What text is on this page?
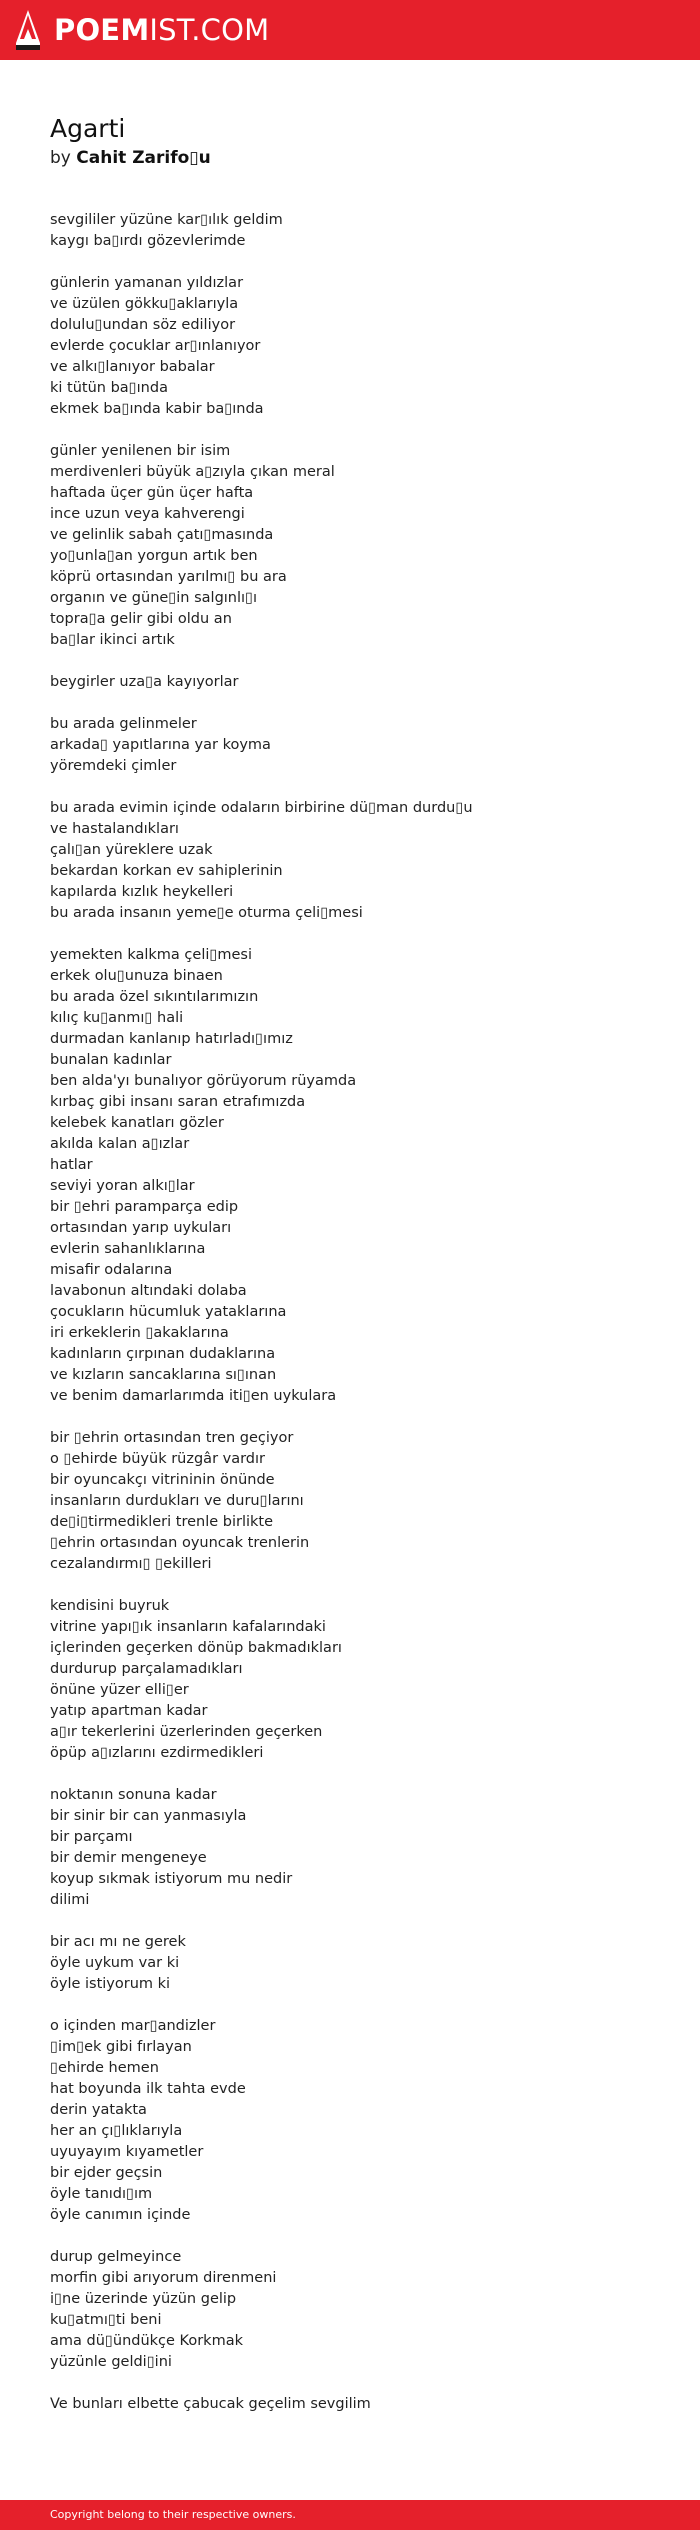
POEMIST.COM
Agarti
by Cahit Zarifo▯u
sevgililer yüzüne kar▯ılık geldim
kaygı ba▯ırdı gözevlerimde
günlerin yamanan yıldızlar
ve üzülen gökku▯aklarıyla
dolulu▯undan söz ediliyor
evlerde çocuklar ar▯ınlanıyor
ve alkı▯lanıyor babalar
ki tütün ba▯ında
ekmek ba▯ında kabir ba▯ında
günler yenilenen bir isim
merdivenleri büyük a▯zıyla çıkan meral
haftada üçer gün üçer hafta
ince uzun veya kahverengi
ve gelinlik sabah çatı▯masında
yo▯unla▯an yorgun artık ben
köprü ortasından yarılmı▯ bu ara
organın ve güne▯in salgınlı▯ı
topra▯a gelir gibi oldu an
ba▯lar ikinci artık
beygirler uza▯a kayıyorlar
bu arada gelinmeler
arkada▯ yapıtlarına yar koyma
yöremdeki çimler
bu arada evimin içinde odaların birbirine dü▯man durdu▯u
ve hastalandıkları
çalı▯an yüreklere uzak
bekardan korkan ev sahiplerinin
kapılarda kızlık heykelleri
bu arada insanın yeme▯e oturma çeli▯mesi
yemekten kalkma çeli▯mesi
erkek olu▯unuza binaen
bu arada özel sıkıntılarımızın
kılıç ku▯anmı▯ hali
durmadan kanlanıp hatırladı▯ımız
bunalan kadınlar
ben alda'yı bunalıyor görüyorum rüyamda
kırbaç gibi insanı saran etrafımızda
kelebek kanatları gözler
akılda kalan a▯ızlar
hatlar
seviyi yoran alkı▯lar
bir ▯ehri paramparça edip
ortasından yarıp uykuları
evlerin sahanlıklarına
misafir odalarına
lavabonun altındaki dolaba
çocukların hücumluk yataklarına
iri erkeklerin ▯akaklarına
kadınların çırpınan dudaklarına
ve kızların sancaklarına sı▯ınan
ve benim damarlarımda iti▯en uykulara
bir ▯ehrin ortasından tren geçiyor
o ▯ehirde büyük rüzgâr vardır
bir oyuncakçı vitrininin önünde
insanların durdukları ve duru▯larını
de▯i▯tirmedikleri trenle birlikte
▯ehrin ortasından oyuncak trenlerin
cezalandırmı▯ ▯ekilleri
kendisini buyruk
vitrine yapı▯ık insanların kafalarındaki
içlerinden geçerken dönüp bakmadıkları
durdurup parçalamadıkları
önüne yüzer elli▯er
yatıp apartman kadar
a▯ır tekerlerini üzerlerinden geçerken
öpüp a▯ızlarını ezdirmedikleri
noktanın sonuna kadar
bir sinir bir can yanmasıyla
bir parçamı
bir demir mengeneye
koyup sıkmak istiyorum mu nedir
dilimi
bir acı mı ne gerek
öyle uykum var ki
öyle istiyorum ki
o içinden mar▯andizler
▯im▯ek gibi fırlayan
▯ehirde hemen
hat boyunda ilk tahta evde
derin yatakta
her an çı▯lıklarıyla
uyuyayım kıyametler
bir ejder geçsin
öyle tanıdı▯ım
öyle canımın içinde
durup gelmeyince
morfin gibi arıyorum direnmeni
i▯ne üzerinde yüzün gelip
ku▯atmı▯ti beni
ama dü▯ündükçe Korkmak
yüzünle geldi▯ini
Ve bunları elbette çabucak geçelim sevgilim
Copyright belong to their respective owners.
